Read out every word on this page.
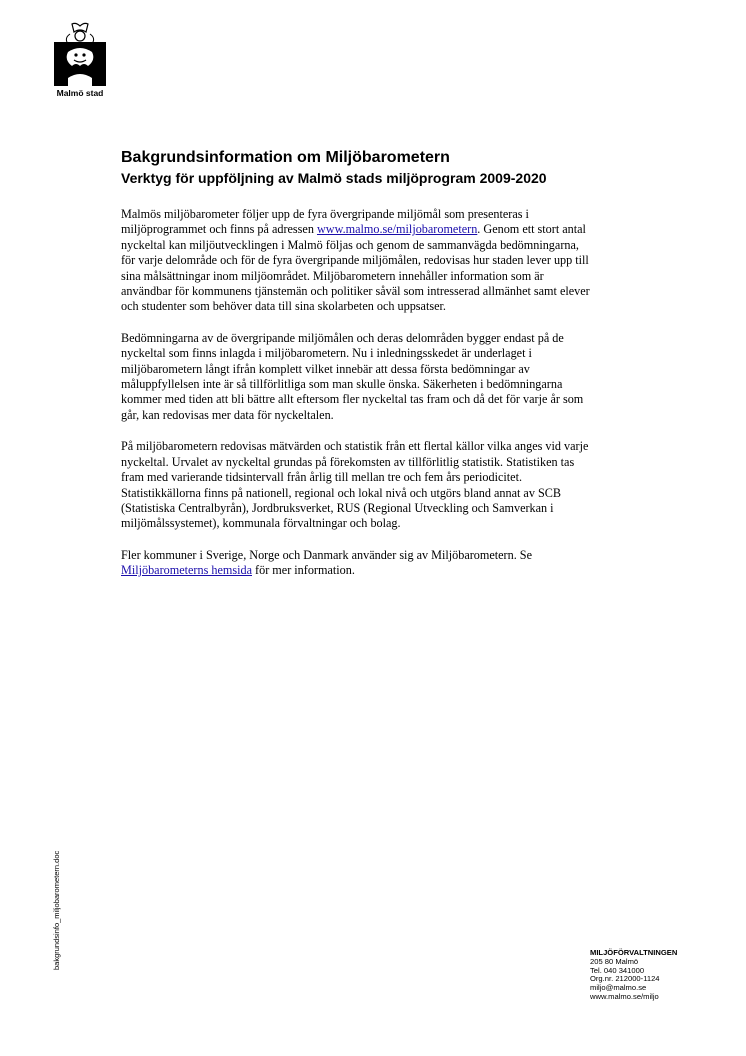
Malmö stad
Bakgrundsinformation om Miljöbarometern
Verktyg för uppföljning av Malmö stads miljöprogram 2009-2020

Malmös miljöbarometer följer upp de fyra övergripande miljömål som presenteras i miljöprogrammet och finns på adressen www.malmo.se/miljobarometern. Genom ett stort antal nyckeltal kan miljöutvecklingen i Malmö följas och genom de sammanvägda bedömningarna, för varje delområde och för de fyra övergripande miljömålen, redovisas hur staden lever upp till sina målsättningar inom miljöområdet. Miljöbarometern innehåller information som är användbar för kommunens tjänstemän och politiker såväl som intresserad allmänhet samt elever och studenter som behöver data till sina skolarbeten och uppsatser.

Bedömningarna av de övergripande miljömålen och deras delområden bygger endast på de nyckeltal som finns inlagda i miljöbarometern. Nu i inledningsskedet är underlaget i miljöbarometern långt ifrån komplett vilket innebär att dessa första bedömningar av måluppfyllelsen inte är så tillförlitliga som man skulle önska. Säkerheten i bedömningarna kommer med tiden att bli bättre allt eftersom fler nyckeltal tas fram och då det för varje år som går, kan redovisas mer data för nyckeltalen.

På miljöbarometern redovisas mätvärden och statistik från ett flertal källor vilka anges vid varje nyckeltal. Urvalet av nyckeltal grundas på förekomsten av tillförlitlig statistik. Statistiken tas fram med varierande tidsintervall från årlig till mellan tre och fem års periodicitet. Statistikkällorna finns på nationell, regional och lokal nivå och utgörs bland annat av SCB (Statistiska Centralbyrån), Jordbruksverket, RUS (Regional Utveckling och Samverkan i miljömålssystemet), kommunala förvaltningar och bolag.

Fler kommuner i Sverige, Norge och Danmark använder sig av Miljöbarometern. Se Miljöbarometerns hemsida för mer information.

bakgrundsinfo_miljobarometern.doc	MILJÖFÖRVALTNINGEN
205 80 Malmö
Tel. 040 341000
Org.nr. 212000-1124
miljo@malmo.se
www.malmo.se/miljo
